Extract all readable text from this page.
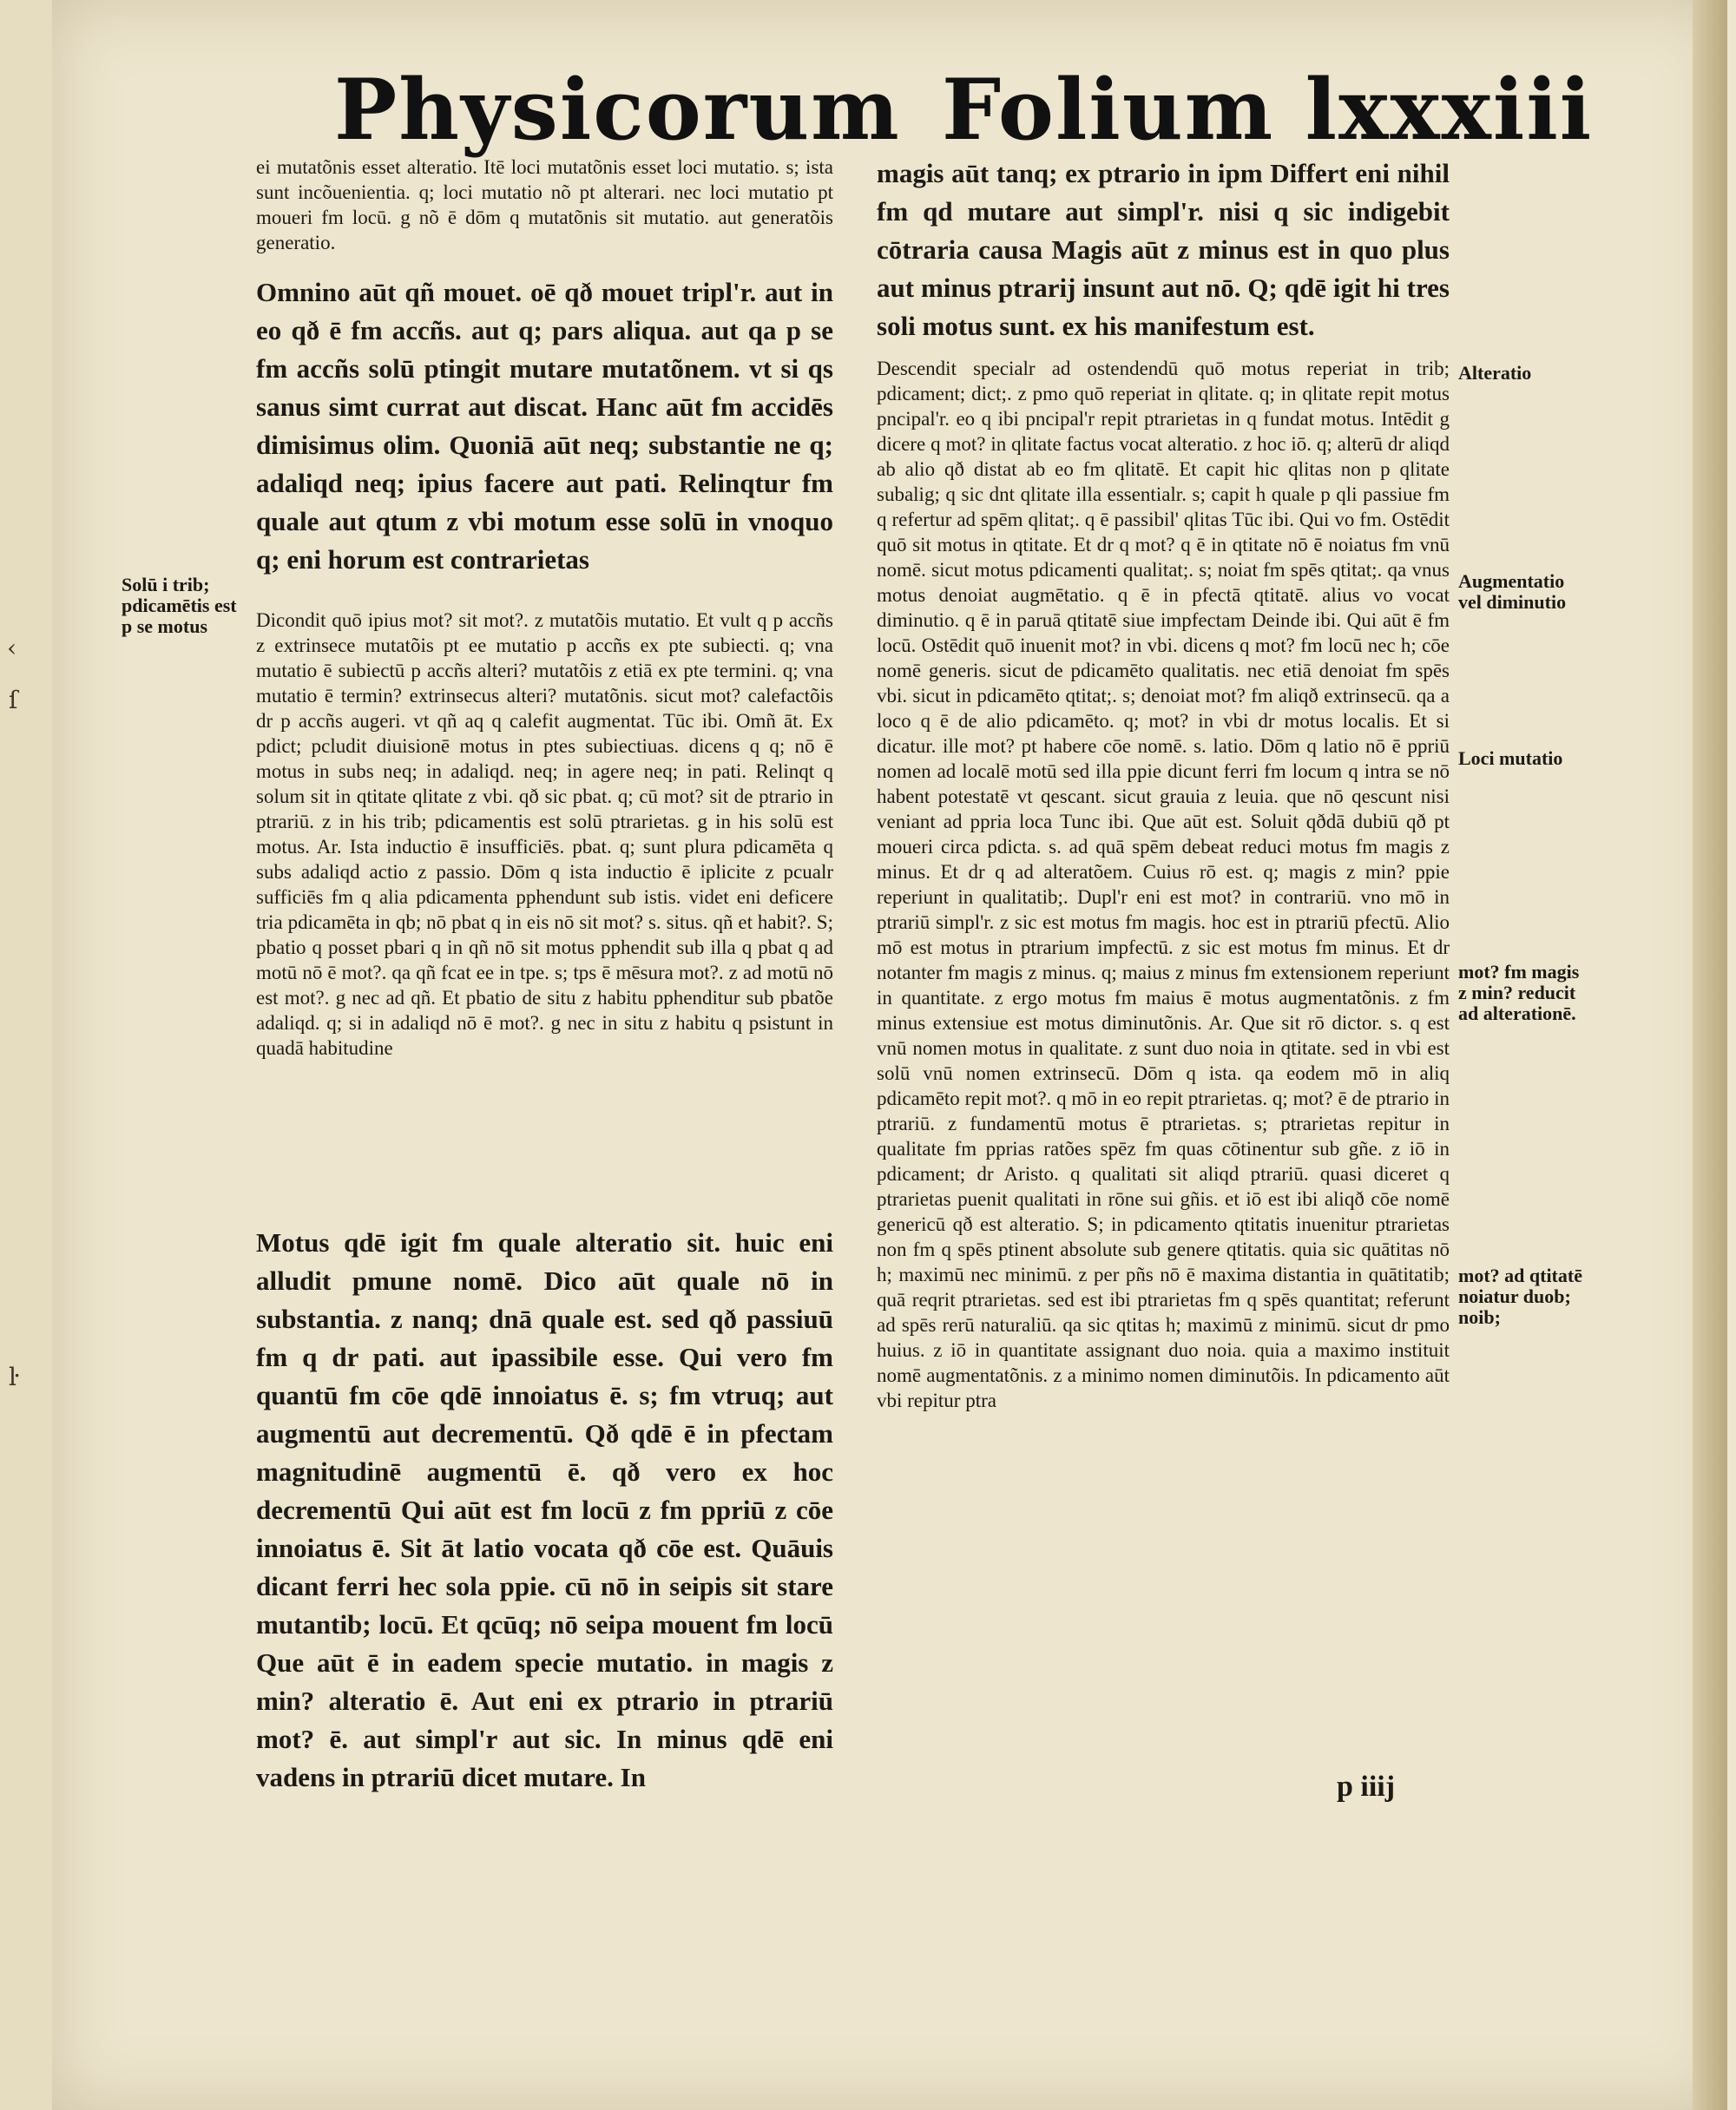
Physicorum Folium lxxxiii

ei mutatõnis esset alteratio. Itē loci mutatõnis esset loci mutatio. s; ista sunt incõuenientia. q; loci mutatio nõ pt alterari. nec loci mutatio pt moueri fm locū. g nõ ē dōm q mutatõnis sit mutatio. aut generatõis generatio.

Omnino aūt qñ mouet. oē qð mouet tripl'r. aut in eo qð ē fm accñs. aut q; pars aliqua. aut qa p se fm accñs solū ptingit mutare mutatõnem. vt si qs sanus simt currat aut discat. Hanc aūt fm accidēs dimisimus olim. Quoniā aūt neq; substantie ne q; adaliqd neq; ipius facere aut pati. Relinqtur fm quale aut qtum z vbi motum esse solū in vnoquo q; eni horum est contrarietas

Dicondit quō ipius mot? sit mot?. z mutatõis mutatio. Et vult q p accñs z extrinsece mutatõis pt ee mutatio p accñs ex pte subiecti. q; vna mutatio ē subiectū p accñs alteri? mutatõis z etiā ex pte termini. q; vna mutatio ē termin? extrinsecus alteri? mutatõnis. sicut mot? calefactõis dr p accñs augeri. vt qñ aq q calefit augmentat. Tūc ibi. Omñ āt. Ex pdict; pcludit diuisionē motus in ptes subiectiuas. dicens q q; nō ē motus in subs neq; in adaliqd. neq; in agere neq; in pati. Relinqt q solum sit in qtitate qlitate z vbi. qð sic pbat. q; cū mot? sit de ptrario in ptrariū. z in his trib; pdicamentis est solū ptrarietas. g in his solū est motus. Ar. Ista inductio ē insufficiēs. pbat. q; sunt plura pdicamēta q subs adaliqd actio z passio. Dōm q ista inductio ē iplicite z pcualr sufficiēs fm q alia pdicamenta pphendunt sub istis. videt eni deficere tria pdicamēta in qb; nō pbat q in eis nō sit mot? s. situs. qñ et habit?. S; pbatio q posset pbari q in qñ nō sit motus pphendit sub illa q pbat q ad motū nō ē mot?. qa qñ fcat ee in tpe. s; tps ē mēsura mot?. z ad motū nō est mot?. g nec ad qñ. Et pbatio de situ z habitu pphenditur sub pbatõe adaliqd. q; si in adaliqd nō ē mot?. g nec in situ z habitu q psistunt in quadā habitudine

Motus qdē igit fm quale alteratio sit. huic eni alludit pmune nomē. Dico aūt quale nō in substantia. z nanq; dnā quale est. sed qð passiuū fm q dr pati. aut ipassibile esse. Qui vero fm quantū fm cōe qdē innoiatus ē. s; fm vtruq; aut augmentū aut decrementū. Qð qdē ē in pfectam magnitudinē augmentū ē. qð vero ex hoc decrementū Qui aūt est fm locū z fm ppriū z cōe innoiatus ē. Sit āt latio vocata qð cōe est. Quāuis dicant ferri hec sola ppie. cū nō in seipis sit stare mutantib; locū. Et qcūq; nō seipa mouent fm locū Que aūt ē in eadem specie mutatio. in magis z min? alteratio ē. Aut eni ex ptrario in ptrariū mot? ē. aut simpl'r aut sic. In minus qdē eni vadens in ptrariū dicet mutare. In

magis aūt tanq; ex ptrario in ipm Differt eni nihil fm qd mutare aut simpl'r. nisi q sic indigebit cōtraria causa Magis aūt z minus est in quo plus aut minus ptrarij insunt aut nō. Q; qdē igit hi tres soli motus sunt. ex his manifestum est.

Descendit specialr ad ostendendū quō motus reperiat in trib; pdicament; dict;. z pmo quō reperiat in qlitate. q; in qlitate repit motus pncipal'r. eo q ibi pncipal'r repit ptrarietas in q fundat motus. Intēdit g dicere q mot? in qlitate factus vocat alteratio. z hoc iō. q; alterū dr aliqd ab alio qð distat ab eo fm qlitatē. Et capit hic qlitas non p qlitate subalig; q sic dnt qlitate illa essentialr. s; capit h quale p qli passiue fm q refertur ad spēm qlitat;. q ē passibil' qlitas Tūc ibi. Qui vo fm. Ostēdit quō sit motus in qtitate. Et dr q mot? q ē in qtitate nō ē noiatus fm vnū nomē. sicut motus pdicamenti qualitat;. s; noiat fm spēs qtitat;. qa vnus motus denoiat augmētatio. q ē in pfectā qtitatē. alius vo vocat diminutio. q ē in paruā qtitatē siue impfectam Deinde ibi. Qui aūt ē fm locū. Ostēdit quō inuenit mot? in vbi. dicens q mot? fm locū nec h; cōe nomē generis. sicut de pdicamēto qualitatis. nec etiā denoiat fm spēs vbi. sicut in pdicamēto qtitat;. s; denoiat mot? fm aliqð extrinsecū. qa a loco q ē de alio pdicamēto. q; mot? in vbi dr motus localis. Et si dicatur. ille mot? pt habere cōe nomē. s. latio. Dōm q latio nō ē ppriū nomen ad localē motū sed illa ppie dicunt ferri fm locum q intra se nō habent potestatē vt qescant. sicut grauia z leuia. que nō qescunt nisi veniant ad ppria loca Tunc ibi. Que aūt est. Soluit qðdā dubiū qð pt moueri circa pdicta. s. ad quā spēm debeat reduci motus fm magis z minus. Et dr q ad alteratõem. Cuius rō est. q; magis z min? ppie reperiunt in qualitatib;. Dupl'r eni est mot? in contrariū. vno mō in ptrariū simpl'r. z sic est motus fm magis. hoc est in ptrariū pfectū. Alio mō est motus in ptrarium impfectū. z sic est motus fm minus. Et dr notanter fm magis z minus. q; maius z minus fm extensionem reperiunt in quantitate. z ergo motus fm maius ē motus augmentatõnis. z fm minus extensiue est motus diminutõnis. Ar. Que sit rō dictor. s. q est vnū nomen motus in qualitate. z sunt duo noia in qtitate. sed in vbi est solū vnū nomen extrinsecū. Dōm q ista. qa eodem mō in aliq pdicamēto repit mot?. q mō in eo repit ptrarietas. q; mot? ē de ptrario in ptrariū. z fundamentū motus ē ptrarietas. s; ptrarietas repitur in qualitate fm pprias ratões spēz fm quas cōtinentur sub gñe. z iō in pdicament; dr Aristo. q qualitati sit aliqd ptrariū. quasi diceret q ptrarietas puenit qualitati in rōne sui gñis. et iō est ibi aliqð cōe nomē genericū qð est alteratio. S; in pdicamento qtitatis inuenitur ptrarietas non fm q spēs ptinent absolute sub genere qtitatis. quia sic quātitas nō h; maximū nec minimū. z per pñs nō ē maxima distantia in quātitatib; quā reqrit ptrarietas. sed est ibi ptrarietas fm q spēs quantitat; referunt ad spēs rerū naturaliū. qa sic qtitas h; maximū z minimū. sicut dr pmo huius. z iō in quantitate assignant duo noia. quia a maximo instituit nomē augmentatõnis. z a minimo nomen diminutõis. In pdicamento aūt vbi repitur ptra

Solū i trib; pdicamētis est p se motus
Alteratio
Augmentatio vel diminutio
Loci mutatio
mot? fm magis z min? reducit ad alterationē.
mot? ad qtitatē noiatur duob; noib;
p iiij
‹
ſ
ŀ
